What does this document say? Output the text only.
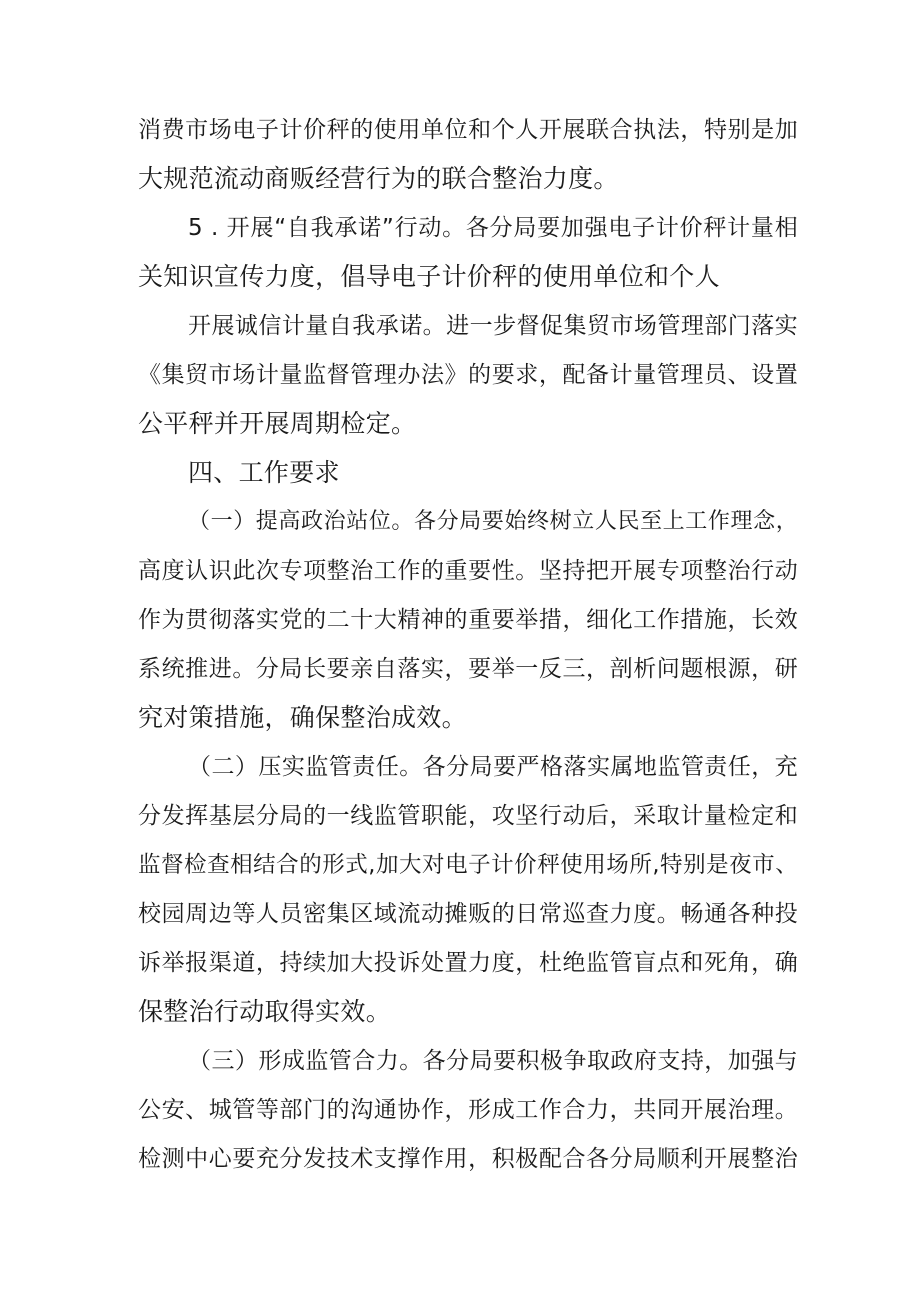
消费市场电子计价秤的使用单位和个人开展联合执法，特别是加
大规范流动商贩经营行为的联合整治力度。
5 . 开展“自我承诺”行动。各分局要加强电子计价秤计量相
关知识宣传力度，倡导电子计价秤的使用单位和个人
开展诚信计量自我承诺。进一步督促集贸市场管理部门落实
《集贸市场计量监督管理办法》的要求，配备计量管理员、设置
公平秤并开展周期检定。
四、工作要求
（一）提高政治站位。各分局要始终树立人民至上工作理念，
高度认识此次专项整治工作的重要性。坚持把开展专项整治行动
作为贯彻落实党的二十大精神的重要举措，细化工作措施，长效
系统推进。分局长要亲自落实，要举一反三，剖析问题根源，研
究对策措施，确保整治成效。
（二）压实监管责任。各分局要严格落实属地监管责任，充
分发挥基层分局的一线监管职能，攻坚行动后，采取计量检定和
监督检查相结合的形式,加大对电子计价秤使用场所,特别是夜市、
校园周边等人员密集区域流动摊贩的日常巡查力度。畅通各种投
诉举报渠道，持续加大投诉处置力度，杜绝监管盲点和死角，确
保整治行动取得实效。
（三）形成监管合力。各分局要积极争取政府支持，加强与
公安、城管等部门的沟通协作，形成工作合力，共同开展治理。
检测中心要充分发技术支撑作用，积极配合各分局顺利开展整治
